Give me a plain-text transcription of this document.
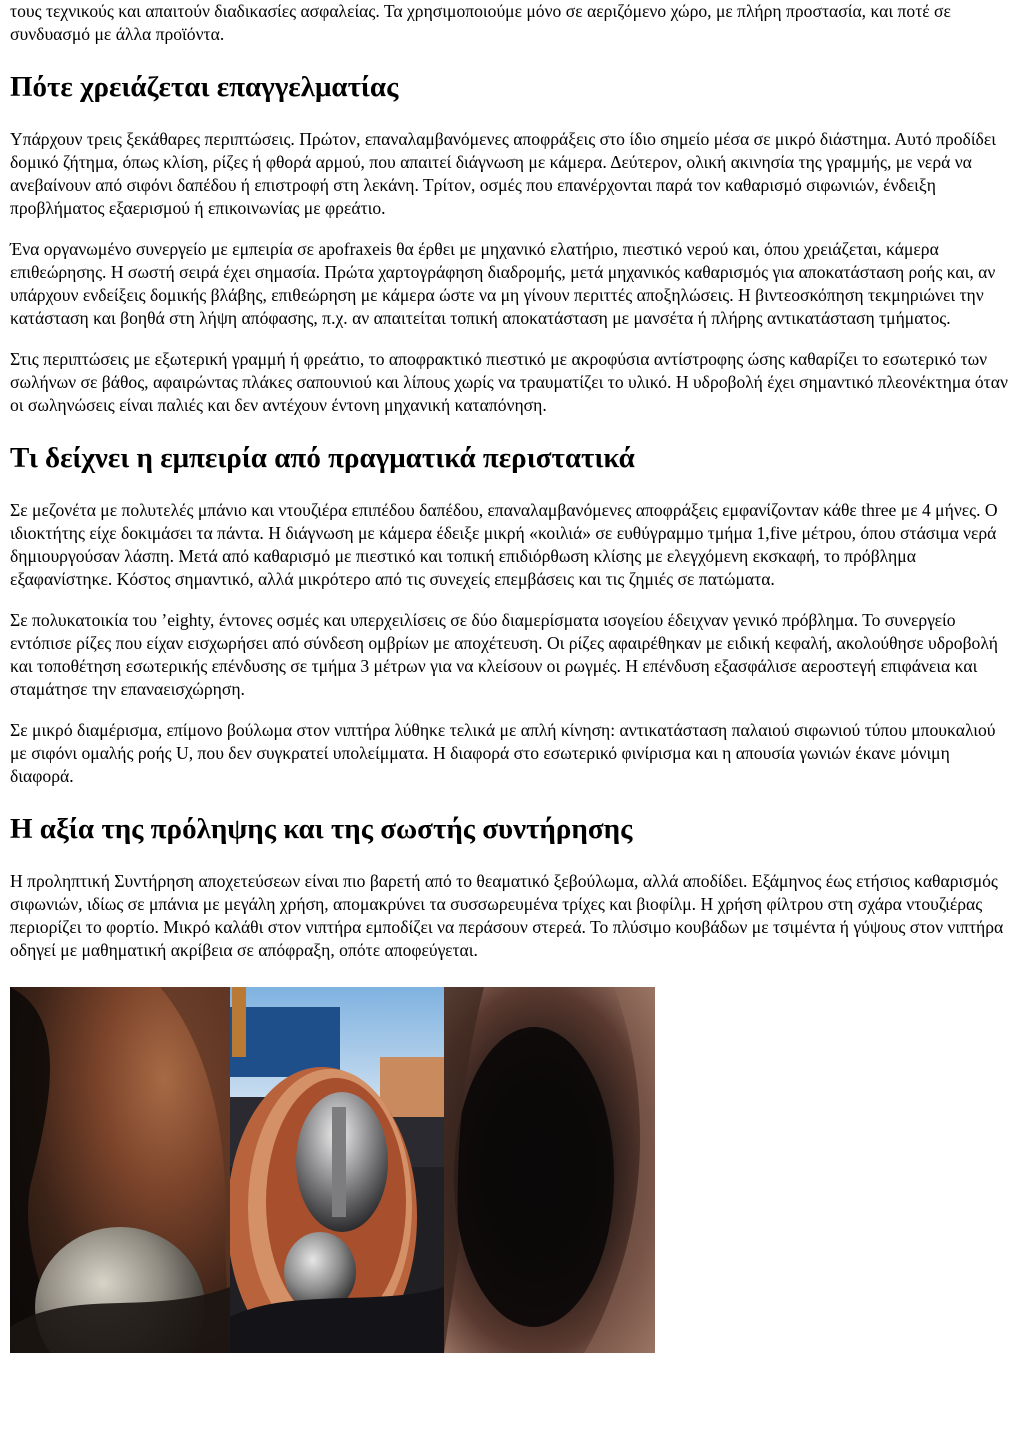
τους τεχνικούς και απαιτούν διαδικασίες ασφαλείας. Τα χρησιμοποιούμε μόνο σε αεριζόμενο χώρο, με πλήρη προστασία, και ποτέ σε συνδυασμό με άλλα προϊόντα.

Πότε χρειάζεται επαγγελματίας

Υπάρχουν τρεις ξεκάθαρες περιπτώσεις. Πρώτον, επαναλαμβανόμενες αποφράξεις στο ίδιο σημείο μέσα σε μικρό διάστημα. Αυτό προδίδει δομικό ζήτημα, όπως κλίση, ρίζες ή φθορά αρμού, που απαιτεί διάγνωση με κάμερα. Δεύτερον, ολική ακινησία της γραμμής, με νερά να ανεβαίνουν από σιφόνι δαπέδου ή επιστροφή στη λεκάνη. Τρίτον, οσμές που επανέρχονται παρά τον καθαρισμό σιφωνιών, ένδειξη προβλήματος εξαερισμού ή επικοινωνίας με φρεάτιο.

Ένα οργανωμένο συνεργείο με εμπειρία σε apofraxeis θα έρθει με μηχανικό ελατήριο, πιεστικό νερού και, όπου χρειάζεται, κάμερα επιθεώρησης. Η σωστή σειρά έχει σημασία. Πρώτα χαρτογράφηση διαδρομής, μετά μηχανικός καθαρισμός για αποκατάσταση ροής και, αν υπάρχουν ενδείξεις δομικής βλάβης, επιθεώρηση με κάμερα ώστε να μη γίνουν περιττές αποξηλώσεις. Η βιντεοσκόπηση τεκμηριώνει την κατάσταση και βοηθά στη λήψη απόφασης, π.χ. αν απαιτείται τοπική αποκατάσταση με μανσέτα ή πλήρης αντικατάσταση τμήματος.

Στις περιπτώσεις με εξωτερική γραμμή ή φρεάτιο, το αποφρακτικό πιεστικό με ακροφύσια αντίστροφης ώσης καθαρίζει το εσωτερικό των σωλήνων σε βάθος, αφαιρώντας πλάκες σαπουνιού και λίπους χωρίς να τραυματίζει το υλικό. Η υδροβολή έχει σημαντικό πλεονέκτημα όταν οι σωληνώσεις είναι παλιές και δεν αντέχουν έντονη μηχανική καταπόνηση.

Τι δείχνει η εμπειρία από πραγματικά περιστατικά

Σε μεζονέτα με πολυτελές μπάνιο και ντουζιέρα επιπέδου δαπέδου, επαναλαμβανόμενες αποφράξεις εμφανίζονταν κάθε three με 4 μήνες. Ο ιδιοκτήτης είχε δοκιμάσει τα πάντα. Η διάγνωση με κάμερα έδειξε μικρή «κοιλιά» σε ευθύγραμμο τμήμα 1,five μέτρου, όπου στάσιμα νερά δημιουργούσαν λάσπη. Μετά από καθαρισμό με πιεστικό και τοπική επιδιόρθωση κλίσης με ελεγχόμενη εκσκαφή, το πρόβλημα εξαφανίστηκε. Κόστος σημαντικό, αλλά μικρότερο από τις συνεχείς επεμβάσεις και τις ζημιές σε πατώματα.

Σε πολυκατοικία του ’eighty, έντονες οσμές και υπερχειλίσεις σε δύο διαμερίσματα ισογείου έδειχναν γενικό πρόβλημα. Το συνεργείο εντόπισε ρίζες που είχαν εισχωρήσει από σύνδεση ομβρίων με αποχέτευση. Οι ρίζες αφαιρέθηκαν με ειδική κεφαλή, ακολούθησε υδροβολή και τοποθέτηση εσωτερικής επένδυσης σε τμήμα 3 μέτρων για να κλείσουν οι ρωγμές. Η επένδυση εξασφάλισε αεροστεγή επιφάνεια και σταμάτησε την επαναεισχώρηση.

Σε μικρό διαμέρισμα, επίμονο βούλωμα στον νιπτήρα λύθηκε τελικά με απλή κίνηση: αντικατάσταση παλαιού σιφωνιού τύπου μπουκαλιού με σιφόνι ομαλής ροής U, που δεν συγκρατεί υπολείμματα. Η διαφορά στο εσωτερικό φινίρισμα και η απουσία γωνιών έκανε μόνιμη διαφορά.

Η αξία της πρόληψης και της σωστής συντήρησης

Η προληπτική Συντήρηση αποχετεύσεων είναι πιο βαρετή από το θεαματικό ξεβούλωμα, αλλά αποδίδει. Εξάμηνος έως ετήσιος καθαρισμός σιφωνιών, ιδίως σε μπάνια με μεγάλη χρήση, απομακρύνει τα συσσωρευμένα τρίχες και βιοφίλμ. Η χρήση φίλτρου στη σχάρα ντουζιέρας περιορίζει το φορτίο. Μικρό καλάθι στον νιπτήρα εμποδίζει να περάσουν στερεά. Το πλύσιμο κουβάδων με τσιμέντα ή γύψους στον νιπτήρα οδηγεί με μαθηματική ακρίβεια σε απόφραξη, οπότε αποφεύγεται.
